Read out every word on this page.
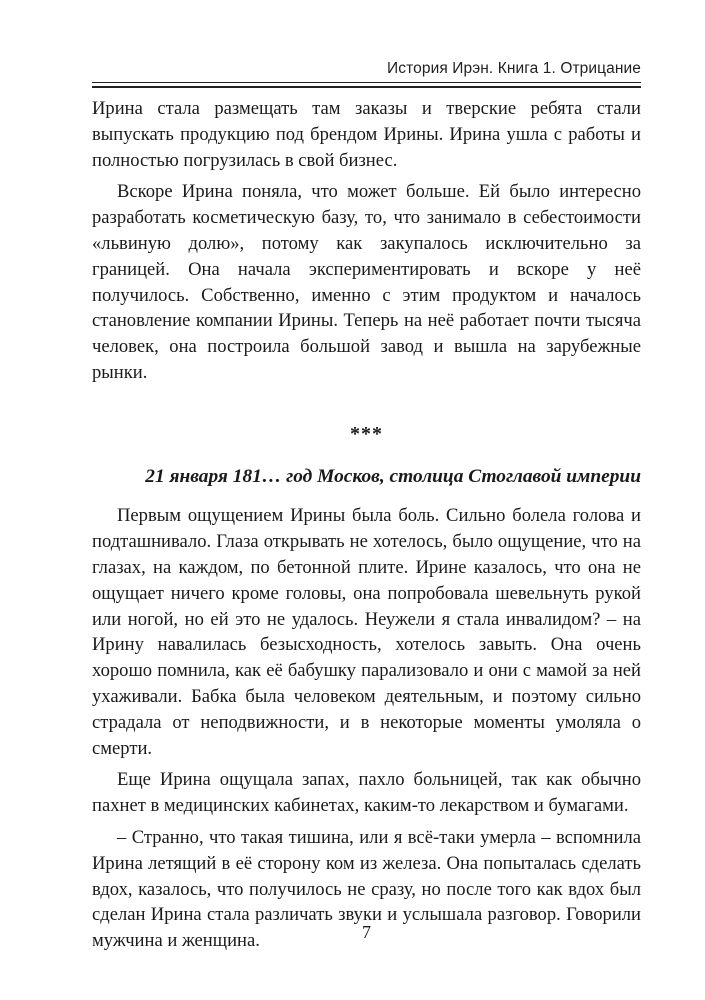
История Ирэн. Книга 1. Отрицание

Ирина стала размещать там заказы и тверские ребята стали выпускать продукцию под брендом Ирины. Ирина ушла с работы и полностью погрузилась в свой бизнес.

Вскоре Ирина поняла, что может больше. Ей было интересно разработать косметическую базу, то, что занимало в себестоимости «львиную долю», потому как закупалось исключительно за границей. Она начала экспериментировать и вскоре у неё получилось. Собственно, именно с этим продуктом и началось становление компании Ирины. Теперь на неё работает почти тысяча человек, она построила большой завод и вышла на зарубежные рынки.

***
21 января 181… год Москов, столица Стоглавой империи

Первым ощущением Ирины была боль. Сильно болела голова и подташнивало. Глаза открывать не хотелось, было ощущение, что на глазах, на каждом, по бетонной плите. Ирине казалось, что она не ощущает ничего кроме головы, она попробовала шевельнуть рукой или ногой, но ей это не удалось. Неужели я стала инвалидом? – на Ирину навалилась безысходность, хотелось завыть. Она очень хорошо помнила, как её бабушку парализовало и они с мамой за ней ухаживали. Бабка была человеком деятельным, и поэтому сильно страдала от неподвижности, и в некоторые моменты умоляла о смерти.

Еще Ирина ощущала запах, пахло больницей, так как обычно пахнет в медицинских кабинетах, каким-то лекарством и бумагами.

– Странно, что такая тишина, или я всё-таки умерла – вспомнила Ирина летящий в её сторону ком из железа. Она попыталась сделать вдох, казалось, что получилось не сразу, но после того как вдох был сделан Ирина стала различать звуки и услышала разговор. Говорили мужчина и женщина.	7
